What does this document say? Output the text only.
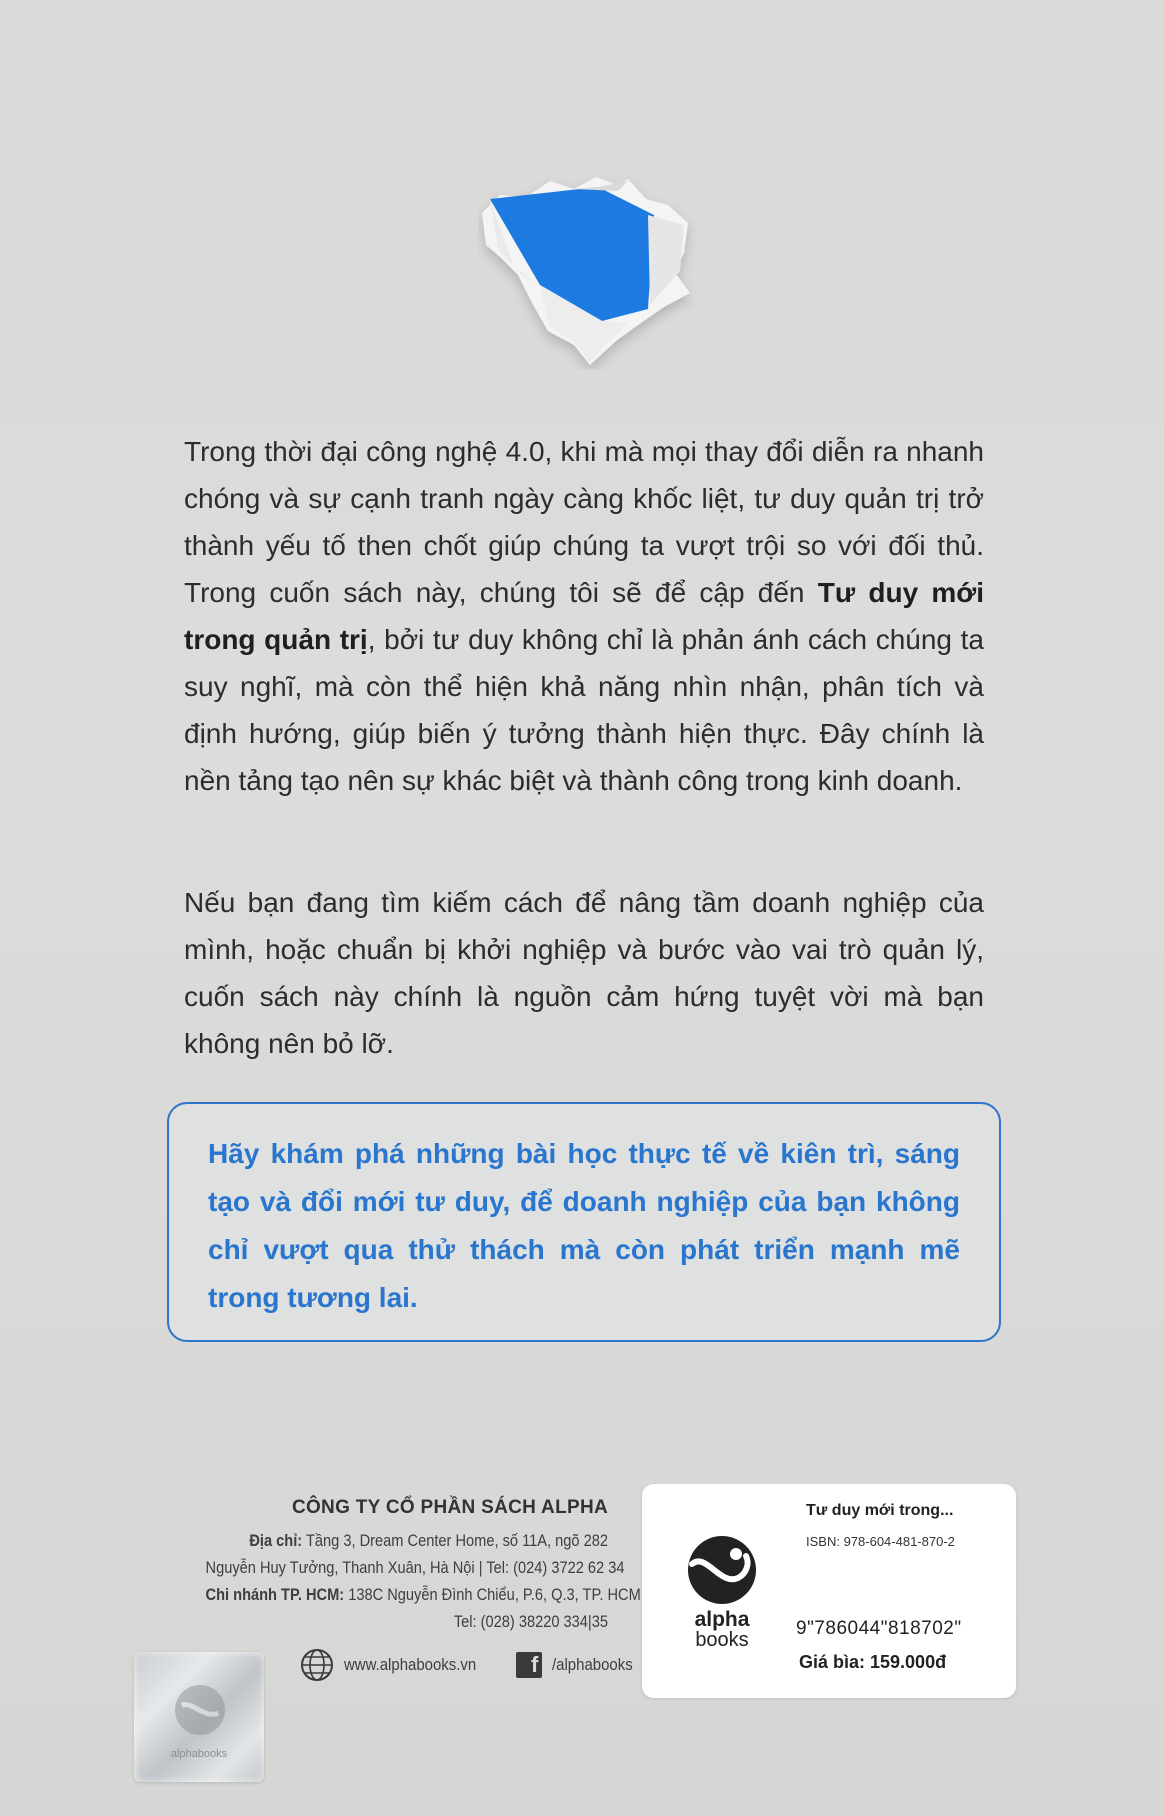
Trong thời đại công nghệ 4.0, khi mà mọi thay đổi diễn ra nhanh chóng và sự cạnh tranh ngày càng khốc liệt, tư duy quản trị trở thành yếu tố then chốt giúp chúng ta vượt trội so với đối thủ. Trong cuốn sách này, chúng tôi sẽ để cập đến Tư duy mới trong quản trị, bởi tư duy không chỉ là phản ánh cách chúng ta suy nghĩ, mà còn thể hiện khả năng nhìn nhận, phân tích và định hướng, giúp biến ý tưởng thành hiện thực. Đây chính là nền tảng tạo nên sự khác biệt và thành công trong kinh doanh.

Nếu bạn đang tìm kiếm cách để nâng tầm doanh nghiệp của mình, hoặc chuẩn bị khởi nghiệp và bước vào vai trò quản lý, cuốn sách này chính là nguồn cảm hứng tuyệt vời mà bạn không nên bỏ lỡ.

Hãy khám phá những bài học thực tế về kiên trì, sáng tạo và đổi mới tư duy, để doanh nghiệp của bạn không chỉ vượt qua thử thách mà còn phát triển mạnh mẽ trong tương lai.

CÔNG TY CỔ PHẦN SÁCH ALPHA

Địa chỉ: Tầng 3, Dream Center Home, số 11A, ngõ 282

Nguyễn Huy Tưởng, Thanh Xuân, Hà Nội | Tel: (024) 3722 62 34

Chi nhánh TP. HCM: 138C Nguyễn Đình Chiểu, P.6, Q.3, TP. HCM

Tel: (028) 38220 334|35

www.alphabooks.vn	f /alphabooks
alphabooks
Tư duy mới trong...
ISBN: 978-604-481-870-2
alpha
books
9"786044"818702"
Giá bìa: 159.000đ
